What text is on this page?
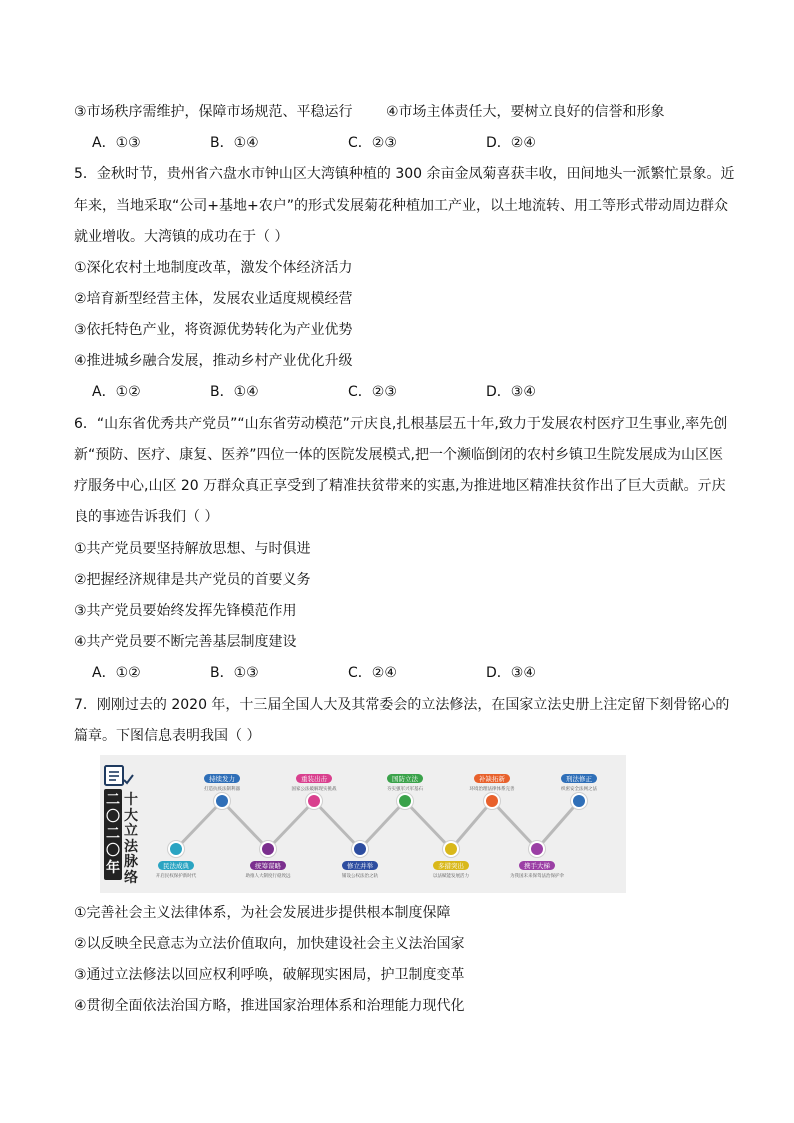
③市场秩序需维护，保障市场规范、平稳运行 ④市场主体责任大，要树立良好的信誉和形象
A．①③	B．①④	C．②③	D．②④
5．金秋时节，贵州省六盘水市钟山区大湾镇种植的 300 余亩金凤菊喜获丰收，田间地头一派繁忙景象。近
年来，当地采取“公司+基地+农户”的形式发展菊花种植加工产业，以土地流转、用工等形式带动周边群众
就业增收。大湾镇的成功在于（ ）
①深化农村土地制度改革，激发个体经济活力
②培育新型经营主体，发展农业适度规模经营
③依托特色产业，将资源优势转化为产业优势
④推进城乡融合发展，推动乡村产业优化升级
A．①②	B．①④	C．②③	D．③④
6．“山东省优秀共产党员”“山东省劳动模范”亓庆良,扎根基层五十年,致力于发展农村医疗卫生事业,率先创
新“预防、医疗、康复、医养”四位一体的医院发展模式,把一个濒临倒闭的农村乡镇卫生院发展成为山区医
疗服务中心,山区 20 万群众真正享受到了精准扶贫带来的实惠,为推进地区精准扶贫作出了巨大贡献。亓庆
良的事迹告诉我们（ ）
①共产党员要坚持解放思想、与时俱进
②把握经济规律是共产党员的首要义务
③共产党员要始终发挥先锋模范作用
④共产党员要不断完善基层制度建设
A．①②	B．①③	C．②④	D．③④
7．刚刚过去的 2020 年，十三届全国人大及其常委会的立法修法，在国家立法史册上注定留下刻骨铭心的
篇章。下图信息表明我国（ ）
持续发力
打造抗疫法制利器
重装出击
国家公法破解现实挑战
国防立法
夯实强军兴军基石
补缺拓新
环境治理法律体系完善
刑法修正
织密安全法网之法
民法成典
开启民权保护新时代
统筹谋略
助推人大制度行稳致远
修立并举
铺设公权法治之轨
多措突出
以法赋能发展活力
携手大梯
为我国未来保驾法治保护伞
二〇二〇年
十大立法脉络
①完善社会主义法律体系，为社会发展进步提供根本制度保障
②以反映全民意志为立法价值取向，加快建设社会主义法治国家
③通过立法修法以回应权利呼唤，破解现实困局，护卫制度变革
④贯彻全面依法治国方略，推进国家治理体系和治理能力现代化
